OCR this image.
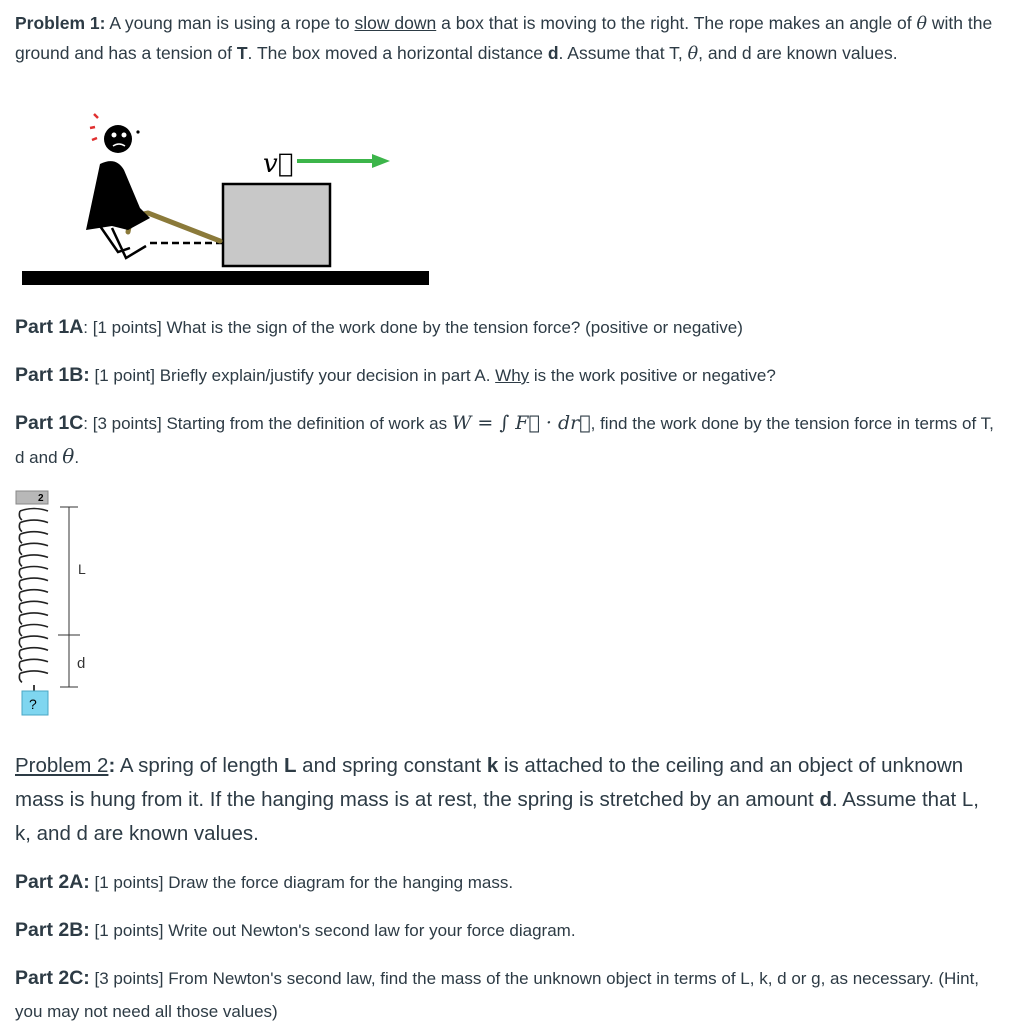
Problem 1: A young man is using a rope to slow down a box that is moving to the right. The rope makes an angle of θ with the ground and has a tension of T. The box moved a horizontal distance d. Assume that T, θ, and d are known values.
v⃗
Part 1A: [1 points] What is the sign of the work done by the tension force? (positive or negative)
Part 1B: [1 point] Briefly explain/justify your decision in part A. Why is the work positive or negative?
Part 1C: [3 points] Starting from the definition of work as W = ∫ F⃗ · dr⃗, find the work done by the tension force in terms of T, d and θ.
2
L
d
?
Problem 2: A spring of length L and spring constant k is attached to the ceiling and an object of unknown mass is hung from it. If the hanging mass is at rest, the spring is stretched by an amount d. Assume that L, k, and d are known values.
Part 2A: [1 points] Draw the force diagram for the hanging mass.
Part 2B: [1 points] Write out Newton's second law for your force diagram.
Part 2C: [3 points] From Newton's second law, find the mass of the unknown object in terms of L, k, d or g, as necessary. (Hint, you may not need all those values)
